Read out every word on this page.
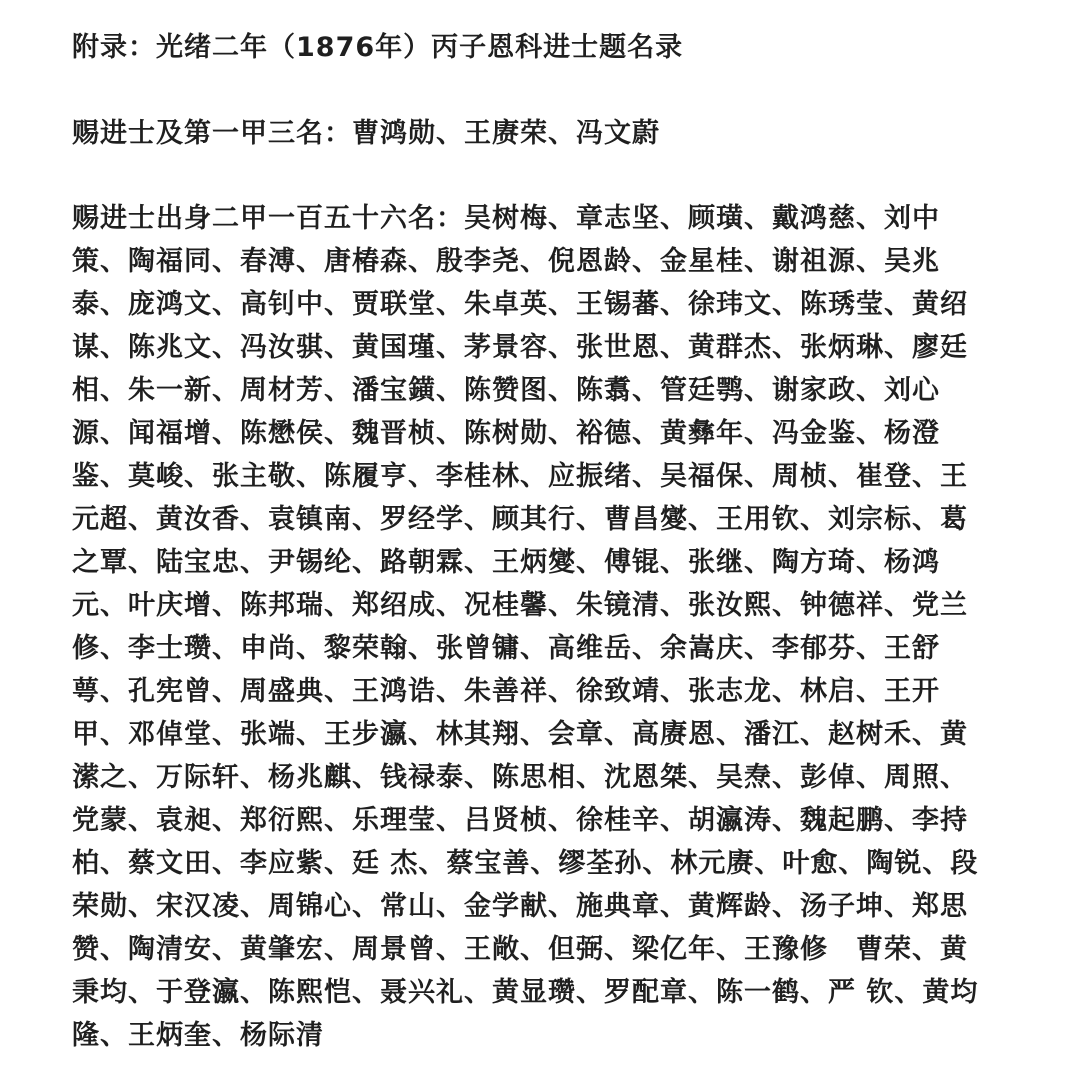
附录：光绪二年（1876年）丙子恩科进士题名录

赐进士及第一甲三名：曹鸿勋、王赓荣、冯文蔚

赐进士出身二甲一百五十六名：吴树梅、章志坚、顾璜、戴鸿慈、刘中

策、陶福同、春溥、唐椿森、殷李尧、倪恩龄、金星桂、谢祖源、吴兆

泰、庞鸿文、高钊中、贾联堂、朱卓英、王锡蕃、徐玮文、陈琇莹、黄绍

谋、陈兆文、冯汝骐、黄国瑾、茅景容、张世恩、黄群杰、张炳琳、廖廷

相、朱一新、周材芳、潘宝鐄、陈赞图、陈翥、管廷鹗、谢家政、刘心

源、闻福增、陈懋侯、魏晋桢、陈树勋、裕德、黄彝年、冯金鉴、杨澄

鉴、莫峻、张主敬、陈履亨、李桂林、应振绪、吴福保、周桢、崔登、王

元超、黄汝香、袁镇南、罗经学、顾其行、曹昌夑、王用钦、刘宗标、葛

之覃、陆宝忠、尹锡纶、路朝霖、王炳夑、傅锟、张继、陶方琦、杨鸿

元、叶庆增、陈邦瑞、郑绍成、况桂馨、朱镜清、张汝熙、钟德祥、党兰

修、李士瓒、申尚、黎荣翰、张曾镛、高维岳、余嵩庆、李郁芬、王舒

萼、孔宪曾、周盛典、王鸿诰、朱善祥、徐致靖、张志龙、林启、王开

甲、邓倬堂、张端、王步瀛、林其翔、会章、高赓恩、潘江、赵树禾、黄

潆之、万际轩、杨兆麒、钱禄泰、陈思相、沈恩桀、吴焘、彭倬、周照、

党蒙、袁昶、郑衍熙、乐理莹、吕贤桢、徐桂辛、胡瀛涛、魏起鹏、李持

柏、蔡文田、李应紫、廷 杰、蔡宝善、缪荃孙、林元赓、叶愈、陶锐、段

荣勋、宋汉凌、周锦心、常山、金学献、施典章、黄辉龄、汤子坤、郑思

赞、陶清安、黄肇宏、周景曾、王敞、但弼、梁亿年、王豫修　曹荣、黄

秉均、于登瀛、陈熙恺、聂兴礼、黄显瓒、罗配章、陈一鹤、严 钦、黄均

隆、王炳奎、杨际清
